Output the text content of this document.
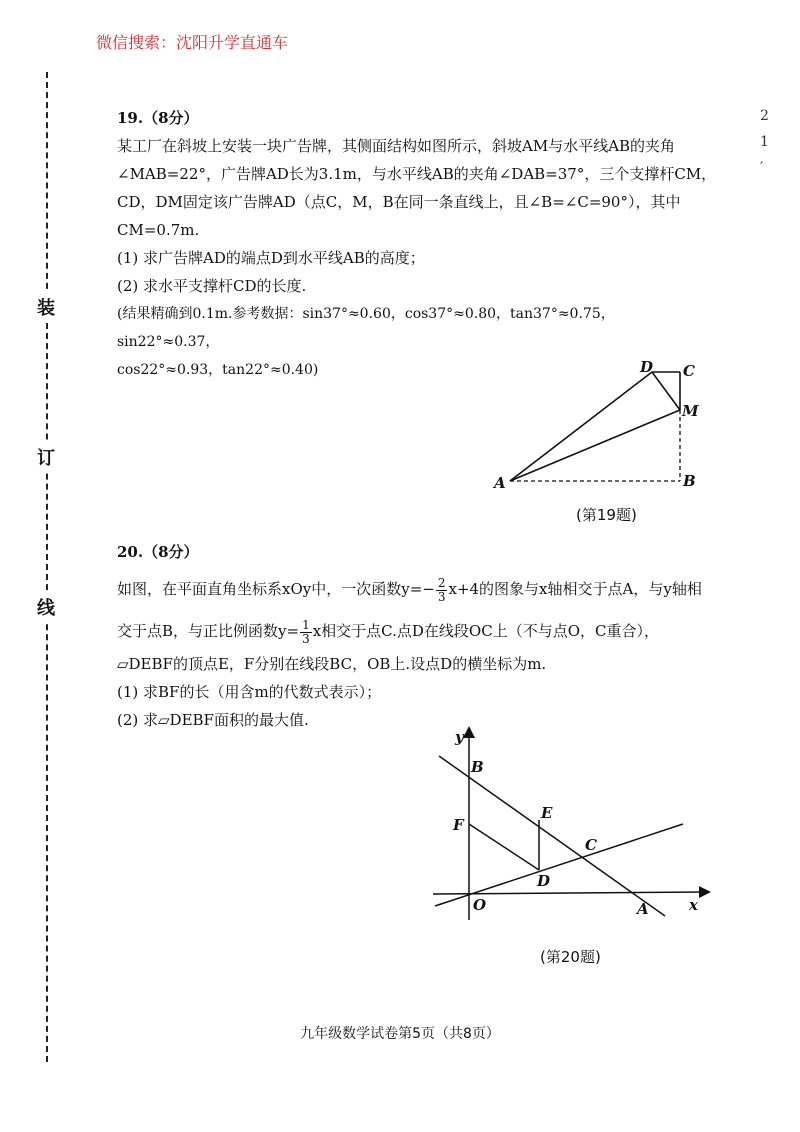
微信搜索：沈阳升学直通车
装
订
线
2
1
′

19.（8分）

某工厂在斜坡上安装一块广告牌，其侧面结构如图所示，斜坡AM与水平线AB的夹角

∠MAB=22°，广告牌AD长为3.1m，与水平线AB的夹角∠DAB=37°，三个支撑杆CM，

CD，DM固定该广告牌AD（点C，M，B在同一条直线上，且∠B=∠C=90°），其中

CM=0.7m.

(1) 求广告牌AD的端点D到水平线AB的高度；

(2) 求水平支撑杆CD的长度.

(结果精确到0.1m.参考数据：sin37°≈0.60，cos37°≈0.80，tan37°≈0.75，sin22°≈0.37，

cos22°≈0.93，tan22°≈0.40)	D C
M
A	B
(第19题)

20.（8分）

如图，在平面直角坐标系xOy中，一次函数$y=- \frac{2}{3} x+4$的图象与x轴相交于点A，与y轴相

交于点B，与正比例函数$y= \frac{1}{3}$ x相交于点C.点D在线段OC上（不与点O，C重合），

▱DEBF的顶点E，F分别在线段BC，OB上.设点D的横坐标为m.

(1) 求BF的长（用含m的代数式表示）；

(2) 求▱DEBF面积的最大值.

y
B
E
F
C
D
O	A	x
(第20题)
九年级数学试卷第5页（共8页）
